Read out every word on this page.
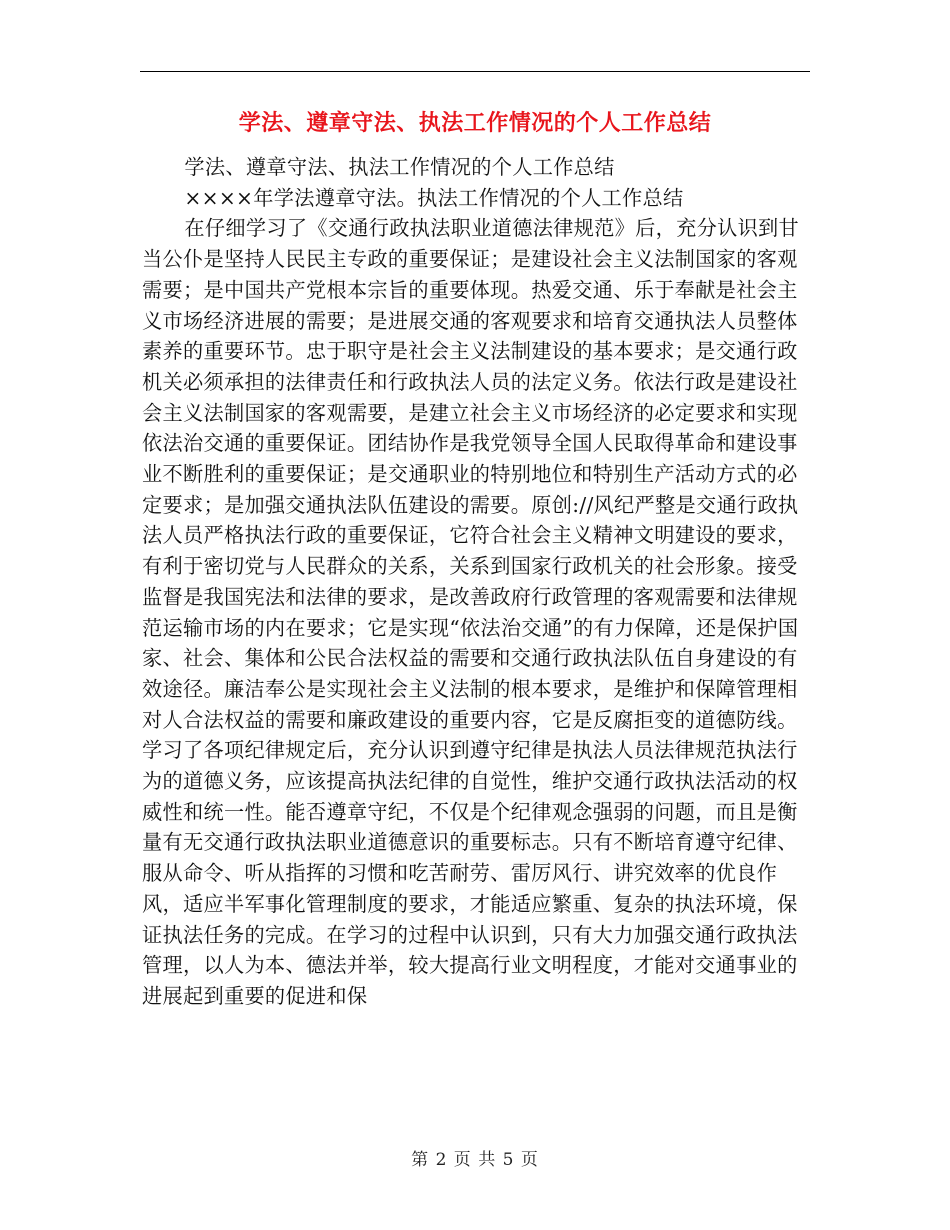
学法、遵章守法、执法工作情况的个人工作总结

学法、遵章守法、执法工作情况的个人工作总结

××××年学法遵章守法。执法工作情况的个人工作总结

在仔细学习了《交通行政执法职业道德法律规范》后，充分认识到甘当公仆是坚持人民民主专政的重要保证；是建设社会主义法制国家的客观需要；是中国共产党根本宗旨的重要体现。热爱交通、乐于奉献是社会主义市场经济进展的需要；是进展交通的客观要求和培育交通执法人员整体素养的重要环节。忠于职守是社会主义法制建设的基本要求；是交通行政机关必须承担的法律责任和行政执法人员的法定义务。依法行政是建设社会主义法制国家的客观需要，是建立社会主义市场经济的必定要求和实现依法治交通的重要保证。团结协作是我党领导全国人民取得革命和建设事业不断胜利的重要保证；是交通职业的特别地位和特别生产活动方式的必定要求；是加强交通执法队伍建设的需要。原创://风纪严整是交通行政执法人员严格执法行政的重要保证，它符合社会主义精神文明建设的要求，有利于密切党与人民群众的关系，关系到国家行政机关的社会形象。接受监督是我国宪法和法律的要求，是改善政府行政管理的客观需要和法律规范运输市场的内在要求；它是实现“依法治交通”的有力保障，还是保护国家、社会、集体和公民合法权益的需要和交通行政执法队伍自身建设的有效途径。廉洁奉公是实现社会主义法制的根本要求，是维护和保障管理相对人合法权益的需要和廉政建设的重要内容，它是反腐拒变的道德防线。　　学习了各项纪律规定后，充分认识到遵守纪律是执法人员法律规范执法行为的道德义务，应该提高执法纪律的自觉性，维护交通行政执法活动的权威性和统一性。能否遵章守纪，不仅是个纪律观念强弱的问题，而且是衡量有无交通行政执法职业道德意识的重要标志。只有不断培育遵守纪律、服从命令、听从指挥的习惯和吃苦耐劳、雷厉风行、讲究效率的优良作风，适应半军事化管理制度的要求，才能适应繁重、复杂的执法环境，保证执法任务的完成。在学习的过程中认识到，只有大力加强交通行政执法管理，以人为本、德法并举，较大提高行业文明程度，才能对交通事业的进展起到重要的促进和保

第 2 页 共 5 页
